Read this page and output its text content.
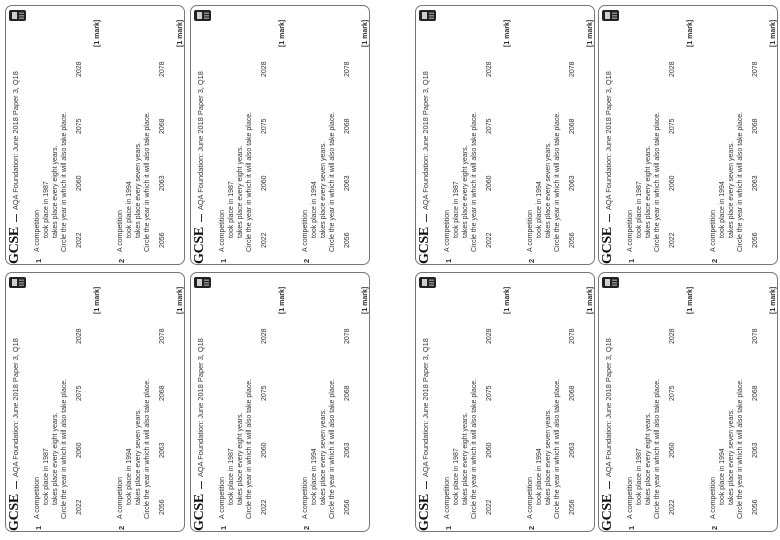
GCSE
AQA Foundation: June 2018 Paper 3, Q18
1
A competition took place in 1987 takes place every eight years. Circle the year in which it will also take place. 2022
2060
2075
2028
[1 mark]
2
A competition took place in 1994 takes place every seven years. Circle the year in which it will also take place. 2056
2063
2068
2078
[1 mark]
GCSE
AQA Foundation: June 2018 Paper 3, Q18
1
A competition took place in 1987 takes place every eight years. Circle the year in which it will also take place. 2022
2060
2075
2028
[1 mark]
2
A competition took place in 1994 takes place every seven years. Circle the year in which it will also take place. 2056
2063
2068
2078
[1 mark]
GCSE
AQA Foundation: June 2018 Paper 3, Q18
1
A competition took place in 1987 takes place every eight years. Circle the year in which it will also take place. 2022
2060
2075
2028
[1 mark]
2
A competition took place in 1994 takes place every seven years. Circle the year in which it will also take place. 2056
2063
2068
2078
[1 mark]
GCSE
AQA Foundation: June 2018 Paper 3, Q18
1
A competition took place in 1987 takes place every eight years. Circle the year in which it will also take place. 2022
2060
2075
2028
[1 mark]
2
A competition took place in 1994 takes place every seven years. Circle the year in which it will also take place. 2056
2063
2068
2078
[1 mark]
GCSE
AQA Foundation: June 2018 Paper 3, Q18
1
A competition took place in 1987 takes place every eight years. Circle the year in which it will also take place. 2022
2060
2075
2028
[1 mark]
2
A competition took place in 1994 takes place every seven years. Circle the year in which it will also take place. 2056
2063
2068
2078
[1 mark]
GCSE
AQA Foundation: June 2018 Paper 3, Q18
1
A competition took place in 1987 takes place every eight years. Circle the year in which it will also take place. 2022
2060
2075
2028
[1 mark]
2
A competition took place in 1994 takes place every seven years. Circle the year in which it will also take place. 2056
2063
2068
2078
[1 mark]
GCSE
AQA Foundation: June 2018 Paper 3, Q18
1
A competition took place in 1987 takes place every eight years. Circle the year in which it will also take place. 2022
2060
2075
2028
[1 mark]
2
A competition took place in 1994 takes place every seven years. Circle the year in which it will also take place. 2056
2063
2068
2078
[1 mark]
GCSE
AQA Foundation: June 2018 Paper 3, Q18
1
A competition took place in 1987 takes place every eight years. Circle the year in which it will also take place. 2022
2060
2075
2028
[1 mark]
2
A competition took place in 1994 takes place every seven years. Circle the year in which it will also take place. 2056
2063
2068
2078
[1 mark]
